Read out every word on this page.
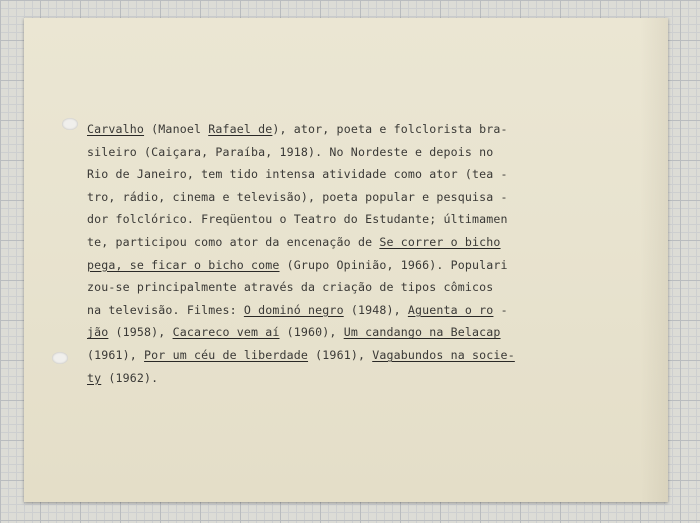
Carvalho (Manoel Rafael de), ator, poeta e folclorista bra-
sileiro (Caiçara, Paraíba, 1918). No Nordeste e depois no
Rio de Janeiro, tem tido intensa atividade como ator (tea -
tro, rádio, cinema e televisão), poeta popular e pesquisa -
dor folclórico. Freqüentou o Teatro do Estudante; últimamen
te, participou como ator da encenação de Se correr o bicho
pega, se ficar o bicho come (Grupo Opinião, 1966). Populari
zou-se principalmente através da criação de tipos cômicos
na televisão. Filmes: O dominó negro (1948), Aguenta o ro -
jão (1958), Cacareco vem aí (1960), Um candango na Belacap
(1961), Por um céu de liberdade (1961), Vagabundos na socie-
ty (1962).
